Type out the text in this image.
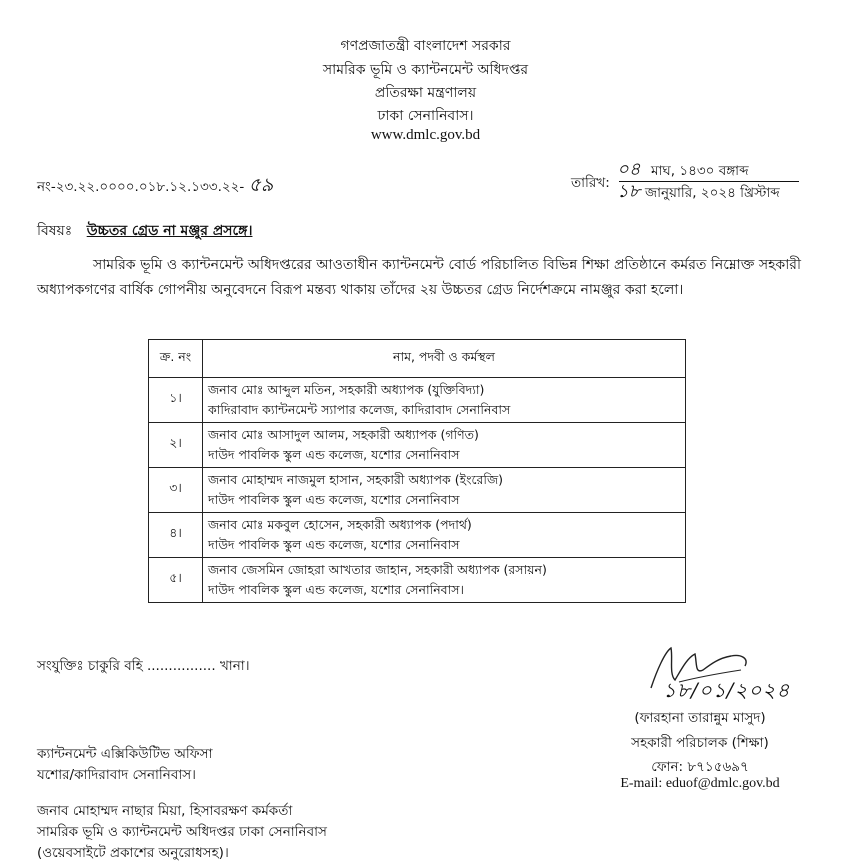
গণপ্রজাতন্ত্রী বাংলাদেশ সরকার
সামরিক ভূমি ও ক্যান্টনমেন্ট অধিদপ্তর
প্রতিরক্ষা মন্ত্রণালয়
ঢাকা সেনানিবাস।
www.dmlc.gov.bd
নং-২৩.২২.০০০০.০১৮.১২.১৩৩.২২- ৫৯	তারিখ:
০৪ মাঘ, ১৪৩০ বঙ্গাব্দ
১৮ জানুয়ারি, ২০২৪ খ্রিস্টাব্দ
বিষয়ঃ উচ্চতর গ্রেড না মঞ্জুর প্রসঙ্গে।
সামরিক ভূমি ও ক্যান্টনমেন্ট অধিদপ্তরের আওতাধীন ক্যান্টনমেন্ট বোর্ড পরিচালিত বিভিন্ন শিক্ষা প্রতিষ্ঠানে কর্মরত নিম্নোক্ত সহকারী অধ্যাপকগণের বার্ষিক গোপনীয় অনুবেদনে বিরূপ মন্তব্য থাকায় তাঁদের ২য় উচ্চতর গ্রেড নির্দেশক্রমে নামঞ্জুর করা হলো।
ক্র. নং	নাম, পদবী ও কর্মস্থল
১।	জনাব মোঃ আব্দুল মতিন, সহকারী অধ্যাপক (যুক্তিবিদ্যা)
কাদিরাবাদ ক্যান্টনমেন্ট স্যাপার কলেজ, কাদিরাবাদ সেনানিবাস

২।	জনাব মোঃ আসাদুল আলম, সহকারী অধ্যাপক (গণিত)
দাউদ পাবলিক স্কুল এন্ড কলেজ, যশোর সেনানিবাস

৩।	জনাব মোহাম্মদ নাজমুল হাসান, সহকারী অধ্যাপক (ইংরেজি)
দাউদ পাবলিক স্কুল এন্ড কলেজ, যশোর সেনানিবাস

৪।	জনাব মোঃ মকবুল হোসেন, সহকারী অধ্যাপক (পদার্থ)
দাউদ পাবলিক স্কুল এন্ড কলেজ, যশোর সেনানিবাস

৫।	জনাব জেসমিন জোহরা আখতার জাহান, সহকারী অধ্যাপক (রসায়ন)
দাউদ পাবলিক স্কুল এন্ড কলেজ, যশোর সেনানিবাস।
সংযুক্তিঃ চাকুরি বহি ................ খানা।
১৮/০১/২০২৪
(ফারহানা তারান্নুম মাসুদ)
সহকারী পরিচালক (শিক্ষা)
ফোন: ৮৭১৫৬৯৭
E-mail: eduof@dmlc.gov.bd
ক্যান্টনমেন্ট এক্সিকিউটিভ অফিসা
যশোর/কাদিরাবাদ সেনানিবাস।
জনাব মোহাম্মদ নাছার মিয়া, হিসাবরক্ষণ কর্মকর্তা
সামরিক ভূমি ও ক্যান্টনমেন্ট অধিদপ্তর ঢাকা সেনানিবাস
(ওয়েবসাইটে প্রকাশের অনুরোধসহ)।
